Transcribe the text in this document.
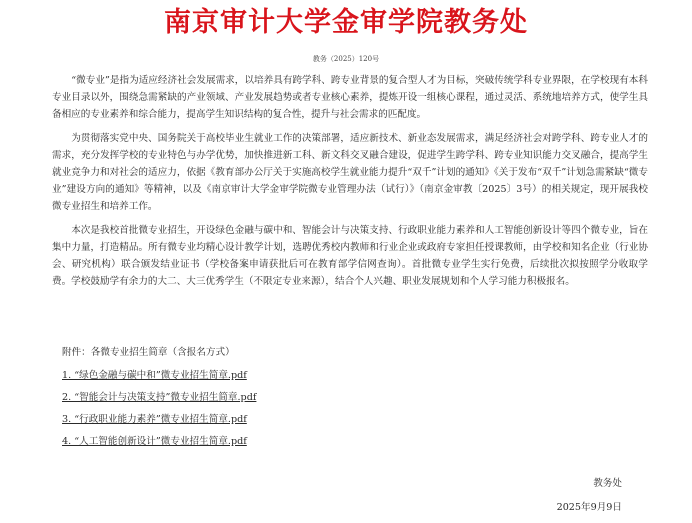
南京审计大学金审学院教务处
教务（2025）120号

“微专业”是指为适应经济社会发展需求，以培养具有跨学科、跨专业背景的复合型人才为目标，突破传统学科专业界限，在学校现有本科专业目录以外，围绕急需紧缺的产业领域、产业发展趋势或者专业核心素养，提炼开设一组核心课程，通过灵活、系统地培养方式，使学生具备相应的专业素养和综合能力，提高学生知识结构的复合性，提升与社会需求的匹配度。

为贯彻落实党中央、国务院关于高校毕业生就业工作的决策部署，适应新技术、新业态发展需求，满足经济社会对跨学科、跨专业人才的需求，充分发挥学校的专业特色与办学优势，加快推进新工科、新文科交叉融合建设，促进学生跨学科、跨专业知识能力交叉融合，提高学生就业竞争力和对社会的适应力，依据《教育部办公厅关于实施高校学生就业能力提升“双千”计划的通知》《关于发布“双千”计划急需紧缺“微专业”建设方向的通知》等精神，以及《南京审计大学金审学院微专业管理办法（试行）》（南京金审教〔2025〕3号）的相关规定，现开展我校微专业招生和培养工作。

本次是我校首批微专业招生，开设绿色金融与碳中和、智能会计与决策支持、行政职业能力素养和人工智能创新设计等四个微专业，旨在集中力量，打造精品。所有微专业均精心设计教学计划，选聘优秀校内教师和行业企业或政府专家担任授课教师，由学校和知名企业（行业协会、研究机构）联合颁发结业证书（学校备案申请获批后可在教育部学信网查询）。首批微专业学生实行免费，后续批次拟按照学分收取学费。学校鼓励学有余力的大二、大三优秀学生（不限定专业来源），结合个人兴趣、职业发展规划和个人学习能力积极报名。

附件：各微专业招生简章（含报名方式）
1. “绿色金融与碳中和”微专业招生简章.pdf
2. “智能会计与决策支持”微专业招生简章.pdf
3. “行政职业能力素养”微专业招生简章.pdf
4. “人工智能创新设计”微专业招生简章.pdf
教务处
2025年9月9日
